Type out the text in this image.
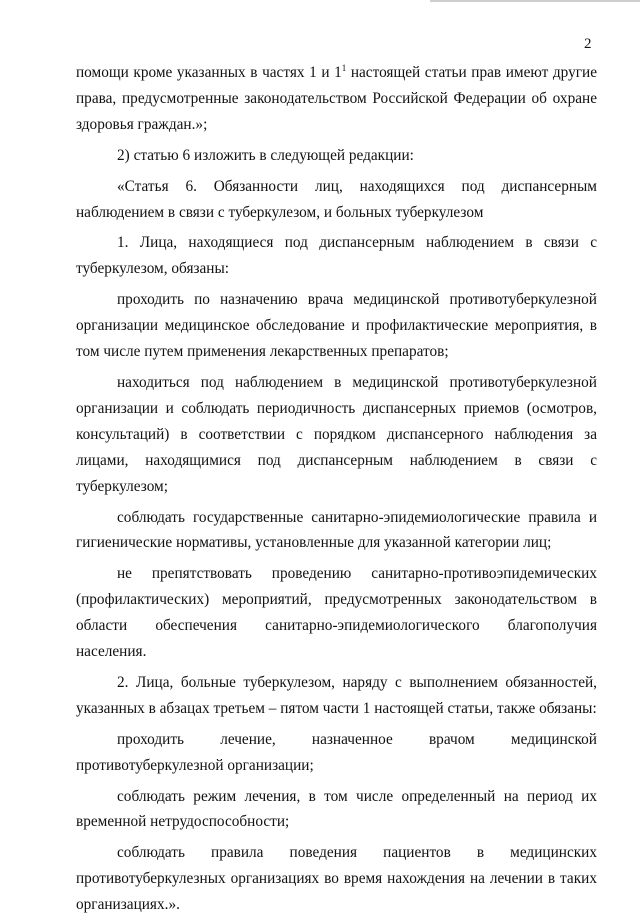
2

помощи кроме указанных в частях 1 и $1^1$ настоящей статьи прав имеют другие права, предусмотренные законодательством Российской Федерации об охране здоровья граждан.»;

2) статью 6 изложить в следующей редакции:

«Статья 6. Обязанности лиц, находящихся под диспансерным наблюдением в связи с туберкулезом, и больных туберкулезом

1. Лица, находящиеся под диспансерным наблюдением в связи с туберкулезом, обязаны:

проходить по назначению врача медицинской противотуберкулезной организации медицинское обследование и профилактические мероприятия, в том числе путем применения лекарственных препаратов;

находиться под наблюдением в медицинской противотуберкулезной организации и соблюдать периодичность диспансерных приемов (осмотров, консультаций) в соответствии с порядком диспансерного наблюдения за лицами, находящимися под диспансерным наблюдением в связи с туберкулезом;

соблюдать государственные санитарно-эпидемиологические правила и гигиенические нормативы, установленные для указанной категории лиц;

не препятствовать проведению санитарно-противоэпидемических (профилактических) мероприятий, предусмотренных законодательством в области обеспечения санитарно-эпидемиологического благополучия населения.

2. Лица, больные туберкулезом, наряду с выполнением обязанностей, указанных в абзацах третьем – пятом части 1 настоящей статьи, также обязаны:

проходить лечение, назначенное врачом медицинской противотуберкулезной организации;

соблюдать режим лечения, в том числе определенный на период их временной нетрудоспособности;

соблюдать правила поведения пациентов в медицинских противотуберкулезных организациях во время нахождения на лечении в таких организациях.».
